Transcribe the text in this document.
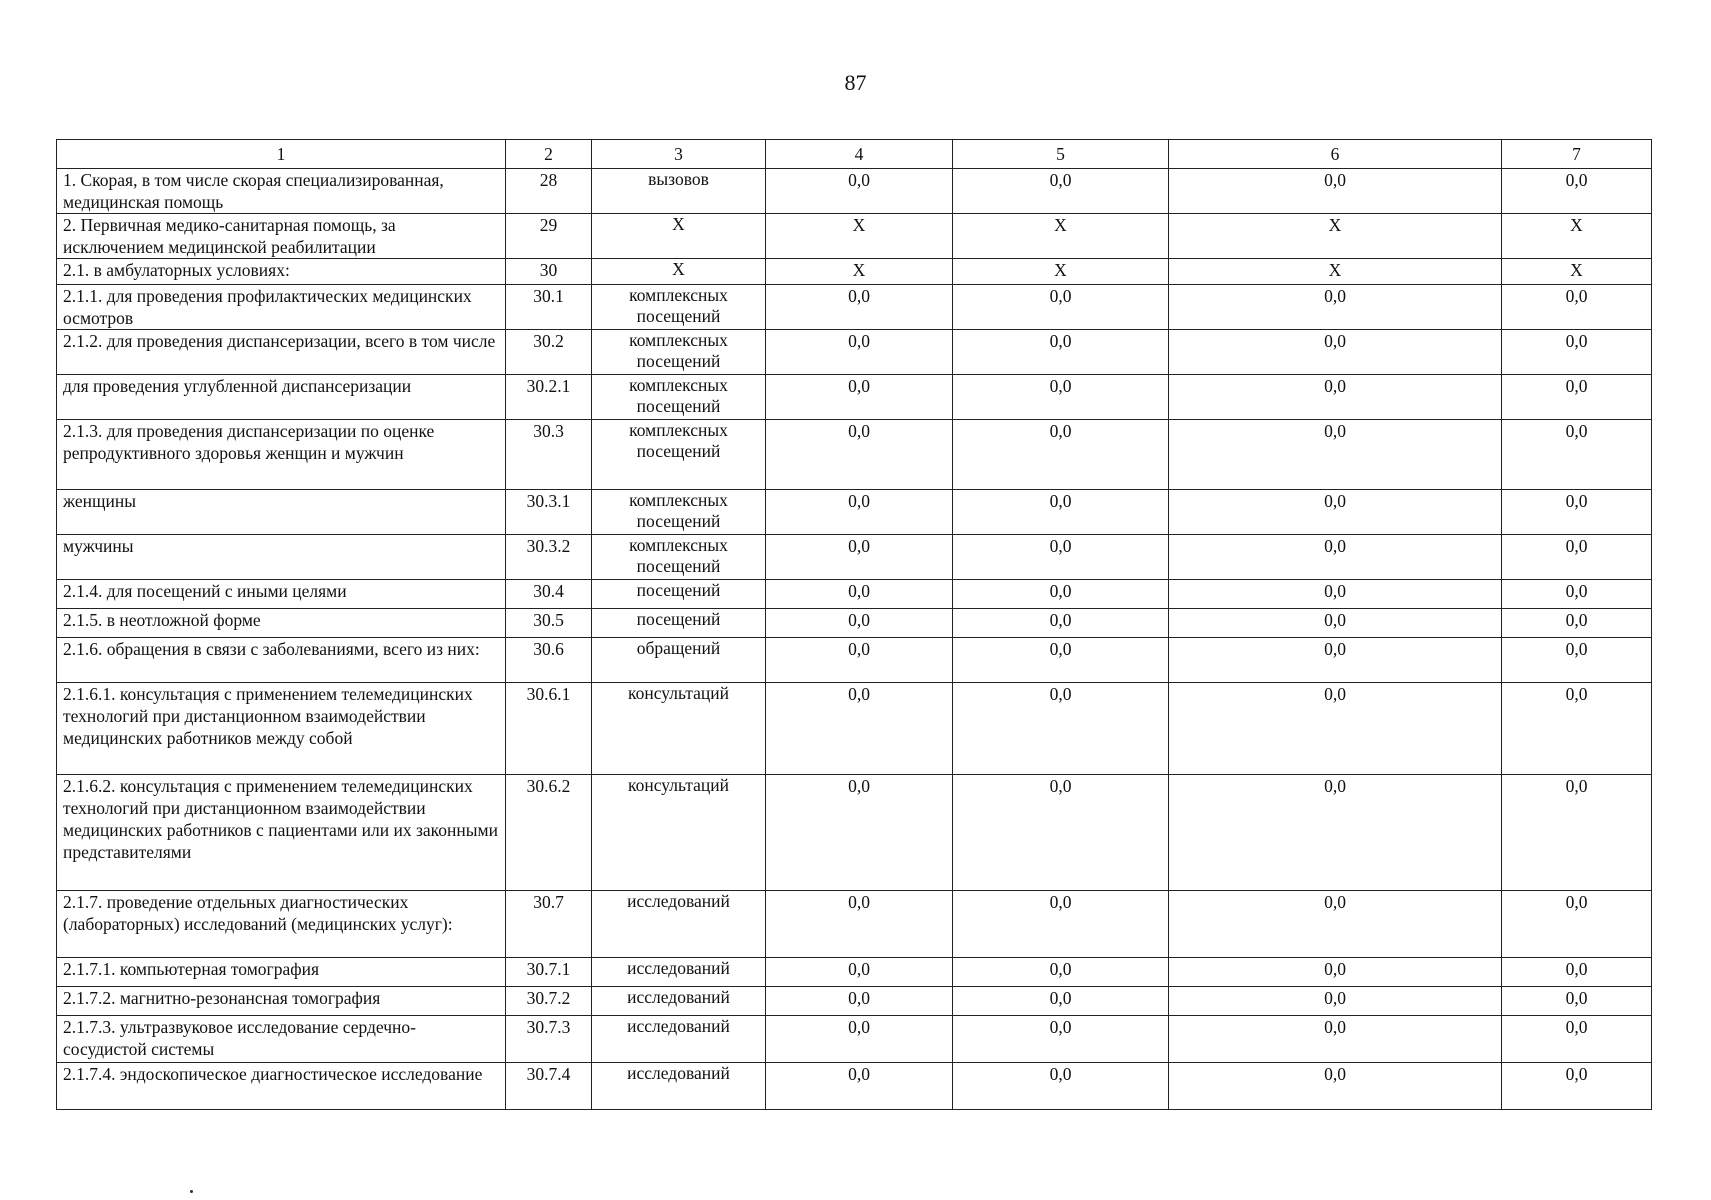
87
1	2	3	4	5	6	7
1. Скорая, в том числе скорая специализированная, медицинская помощь	28	вызовов	0,0	0,0	0,0	0,0
2. Первичная медико-санитарная помощь, за исключением медицинской реабилитации	29	Х	Х	Х	Х	Х
2.1. в амбулаторных условиях:	30	Х	Х	Х	Х	Х
2.1.1. для проведения профилактических медицинских осмотров	30.1	комплексных посещений	0,0	0,0	0,0	0,0
2.1.2. для проведения диспансеризации, всего в том числе	30.2	комплексных посещений	0,0	0,0	0,0	0,0
для проведения углубленной диспансеризации	30.2.1	комплексных посещений	0,0	0,0	0,0	0,0
2.1.3. для проведения диспансеризации по оценке репродуктивного здоровья женщин и мужчин	30.3	комплексных посещений	0,0	0,0	0,0	0,0
женщины	30.3.1	комплексных посещений	0,0	0,0	0,0	0,0
мужчины	30.3.2	комплексных посещений	0,0	0,0	0,0	0,0
2.1.4. для посещений с иными целями	30.4	посещений	0,0	0,0	0,0	0,0
2.1.5. в неотложной форме	30.5	посещений	0,0	0,0	0,0	0,0
2.1.6. обращения в связи с заболеваниями, всего из них:	30.6	обращений	0,0	0,0	0,0	0,0
2.1.6.1. консультация с применением телемедицинских технологий при дистанционном взаимодействии медицинских работников между собой	30.6.1	консультаций	0,0	0,0	0,0	0,0
2.1.6.2. консультация с применением телемедицинских технологий при дистанционном взаимодействии медицинских работников с пациентами или их законными представителями	30.6.2	консультаций	0,0	0,0	0,0	0,0
2.1.7. проведение отдельных диагностических (лабораторных) исследований (медицинских услуг):	30.7	исследований	0,0	0,0	0,0	0,0
2.1.7.1. компьютерная томография	30.7.1	исследований	0,0	0,0	0,0	0,0
2.1.7.2. магнитно-резонансная томография	30.7.2	исследований	0,0	0,0	0,0	0,0
2.1.7.3. ультразвуковое исследование сердечно-сосудистой системы	30.7.3	исследований	0,0	0,0	0,0	0,0
2.1.7.4. эндоскопическое диагностическое исследование	30.7.4	исследований	0,0	0,0	0,0	0,0
